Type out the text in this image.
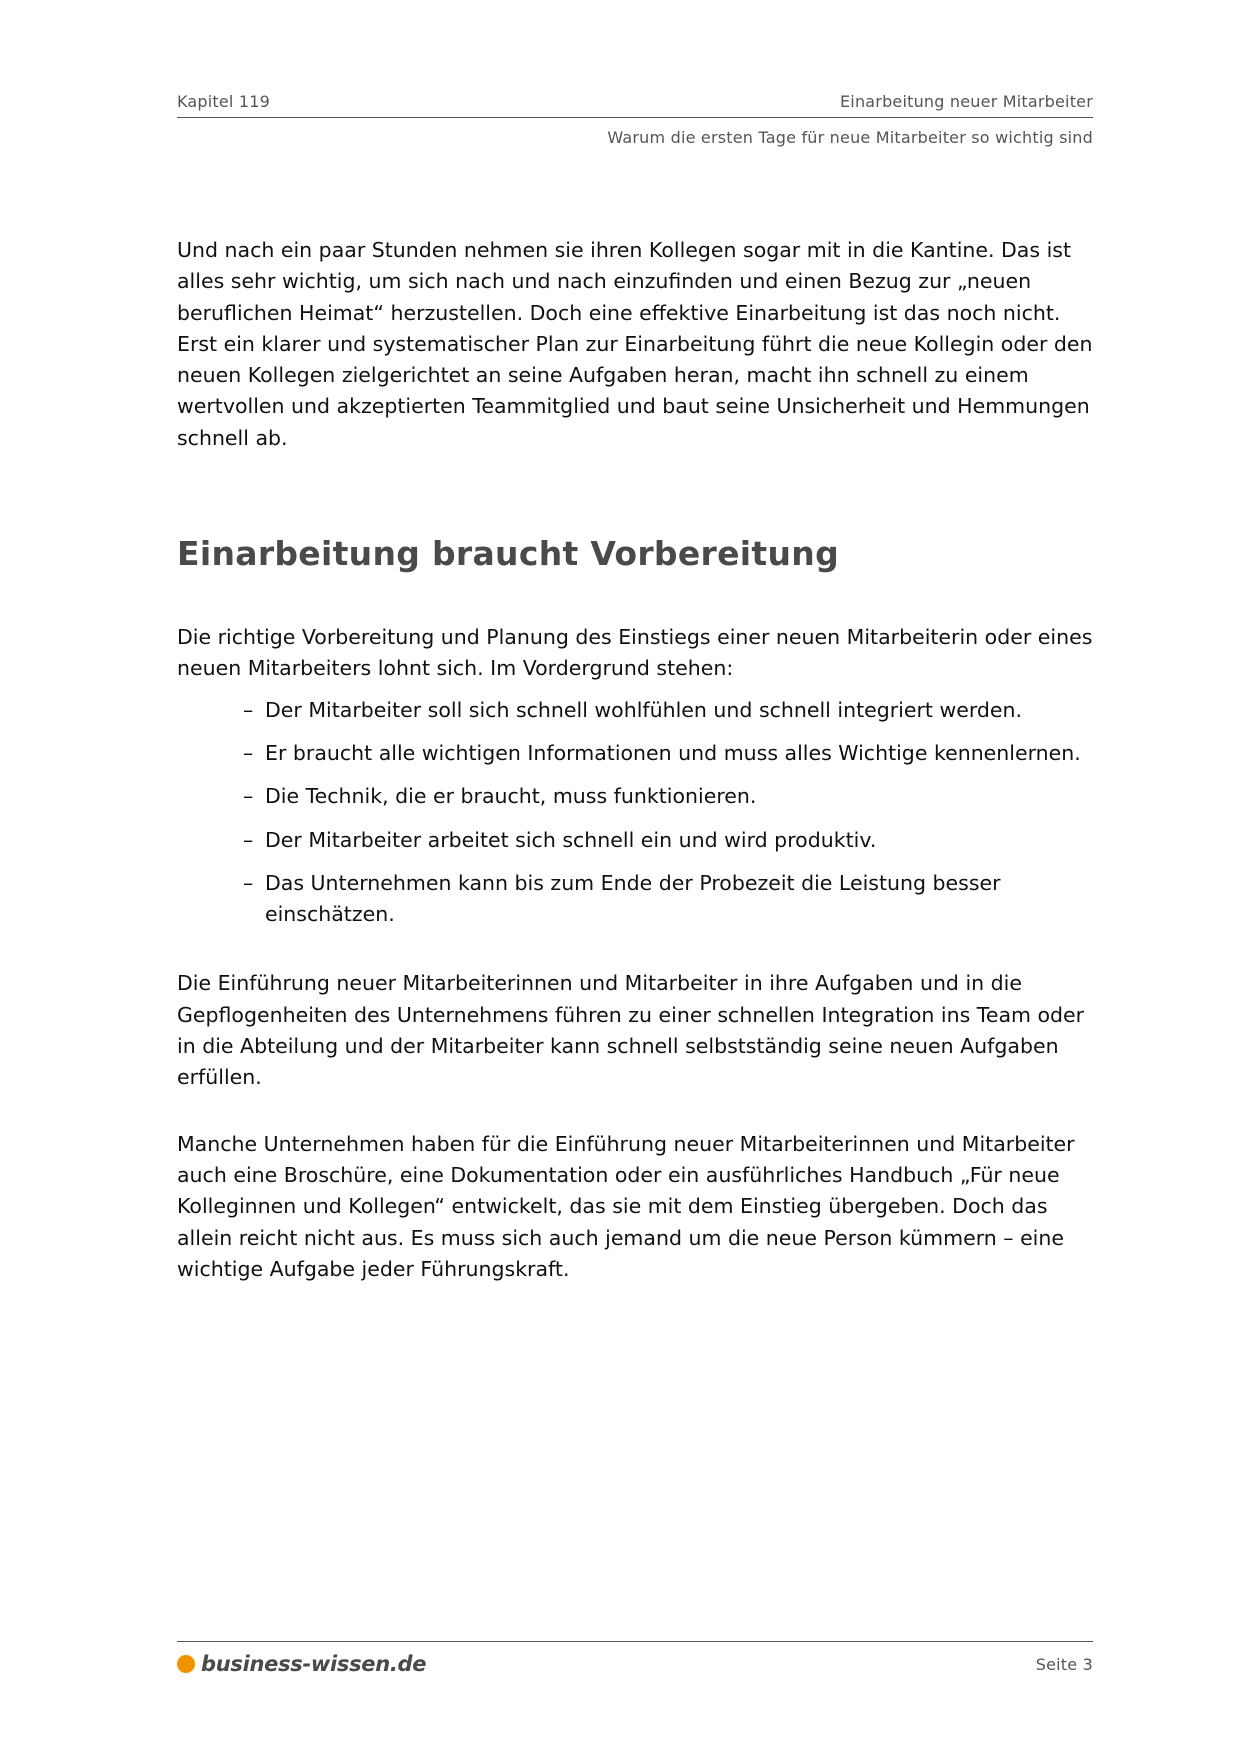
Kapitel 119	Einarbeitung neuer Mitarbeiter
Warum die ersten Tage für neue Mitarbeiter so wichtig sind

Und nach ein paar Stunden nehmen sie ihren Kollegen sogar mit in die Kantine. Das ist alles sehr wichtig, um sich nach und nach einzufinden und einen Bezug zur „neuen beruflichen Heimat“ herzustellen. Doch eine effektive Einarbeitung ist das noch nicht. Erst ein klarer und systematischer Plan zur Einarbeitung führt die neue Kollegin oder den neuen Kollegen zielgerichtet an seine Aufgaben heran, macht ihn schnell zu einem wertvollen und akzeptierten Teammitglied und baut seine Unsicherheit und Hemmungen schnell ab.

Einarbeitung braucht Vorbereitung

Die richtige Vorbereitung und Planung des Einstiegs einer neuen Mitarbeiterin oder eines neuen Mitarbeiters lohnt sich. Im Vordergrund stehen:

– Der Mitarbeiter soll sich schnell wohlfühlen und schnell integriert werden.
– Er braucht alle wichtigen Informationen und muss alles Wichtige kennenlernen.
– Die Technik, die er braucht, muss funktionieren.
– Der Mitarbeiter arbeitet sich schnell ein und wird produktiv.
– Das Unternehmen kann bis zum Ende der Probezeit die Leistung besser einschätzen.

Die Einführung neuer Mitarbeiterinnen und Mitarbeiter in ihre Aufgaben und in die Gepflogenheiten des Unternehmens führen zu einer schnellen Integration ins Team oder in die Abteilung und der Mitarbeiter kann schnell selbstständig seine neuen Aufgaben erfüllen.

Manche Unternehmen haben für die Einführung neuer Mitarbeiterinnen und Mitarbeiter auch eine Broschüre, eine Dokumentation oder ein ausführliches Handbuch „Für neue Kolleginnen und Kollegen“ entwickelt, das sie mit dem Einstieg übergeben. Doch das allein reicht nicht aus. Es muss sich auch jemand um die neue Person kümmern – eine wichtige Aufgabe jeder Führungskraft.

business-wissen.de	Seite 3
